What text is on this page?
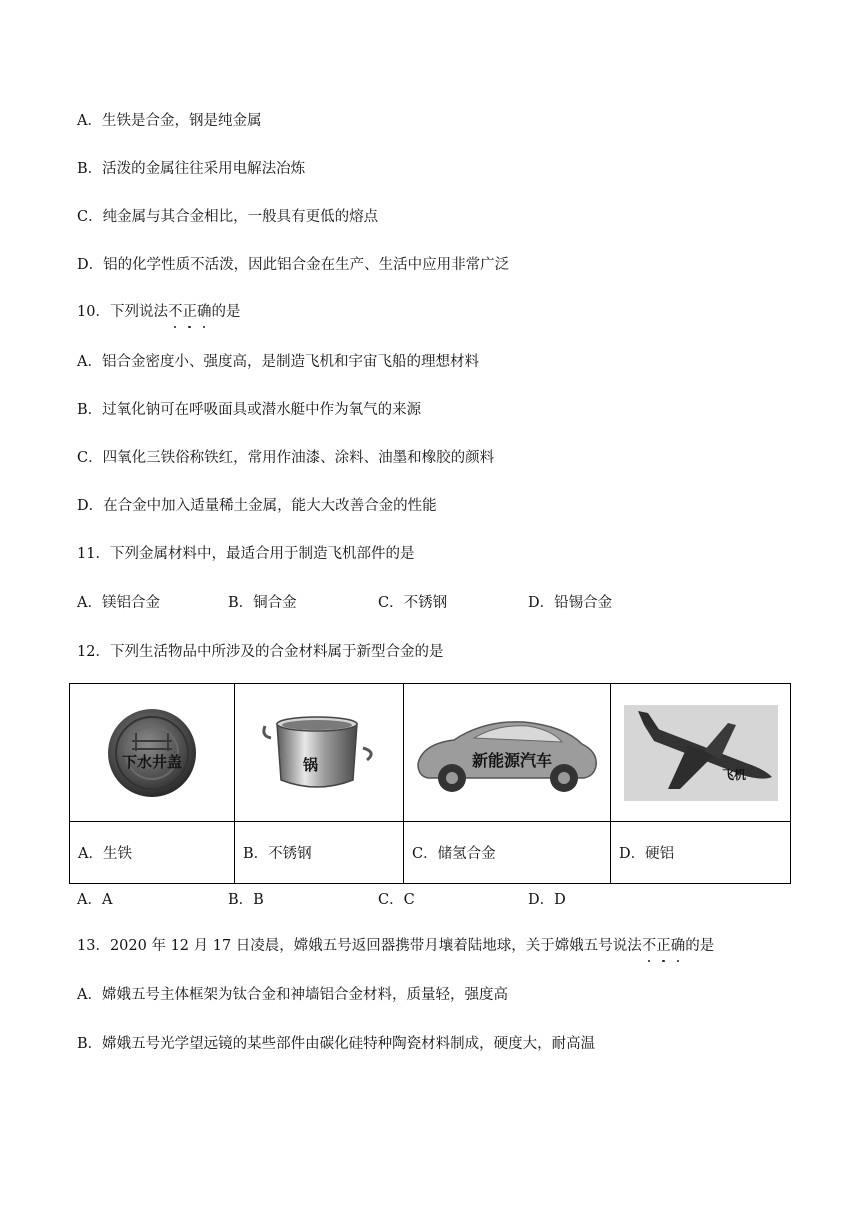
A．生铁是合金，钢是纯金属
B．活泼的金属往往采用电解法冶炼
C．纯金属与其合金相比，一般具有更低的熔点
D．铝的化学性质不活泼，因此铝合金在生产、生活中应用非常广泛
10．下列说法不正确的是
A．铝合金密度小、强度高，是制造飞机和宇宙飞船的理想材料
B．过氧化钠可在呼吸面具或潜水艇中作为氧气的来源
C．四氧化三铁俗称铁红，常用作油漆、涂料、油墨和橡胶的颜料
D．在合金中加入适量稀土金属，能大大改善合金的性能
11．下列金属材料中，最适合用于制造飞机部件的是
A．镁铝合金	B．铜合金	C．不锈钢	D．铅锡合金
12．下列生活物品中所涉及的合金材料属于新型合金的是
下水井盖	锅	新能源汽车	飞机

A．生铁	B．不锈钢	C．储氢合金	D．硬铝
A．A	B．B	C．C	D．D
13．2020 年 12 月 17 日凌晨，嫦娥五号返回器携带月壤着陆地球，关于嫦娥五号说法不正确的是
A．嫦娥五号主体框架为钛合金和神墙铝合金材料，质量轻，强度高
B．嫦娥五号光学望远镜的某些部件由碳化硅特种陶瓷材料制成，硬度大，耐高温
